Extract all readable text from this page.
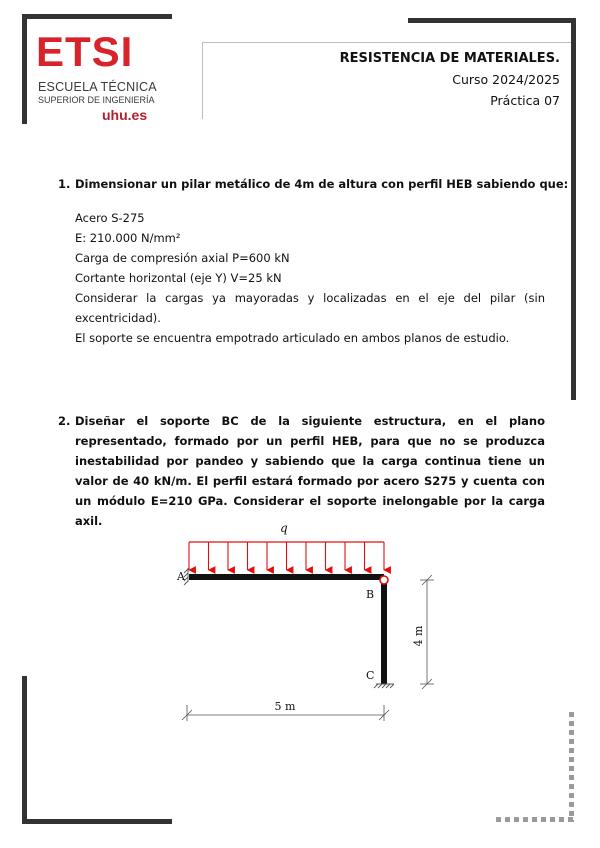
ETSI
ESCUELA TÉCNICA
SUPERIOR DE INGENIERÍA
uhu.es
RESISTENCIA DE MATERIALES.
Curso 2024/2025
Práctica 07
1. Dimensionar un pilar metálico de 4m de altura con perfil HEB sabiendo que:
Acero S-275
E: 210.000 N/mm²
Carga de compresión axial P=600 kN
Cortante horizontal (eje Y) V=25 kN
Considerar la cargas ya mayoradas y localizadas en el eje del pilar (sin excentricidad).
El soporte se encuentra empotrado articulado en ambos planos de estudio.
2. Diseñar el soporte BC de la siguiente estructura, en el plano representado, formado por un perfil HEB, para que no se produzca inestabilidad por pandeo y sabiendo que la carga continua tiene un valor de 40 kN/m. El perfil estará formado por acero S275 y cuenta con un módulo E=210 GPa. Considerar el soporte inelongable por la carga axil.	q
A
B
C
4 m
5 m
